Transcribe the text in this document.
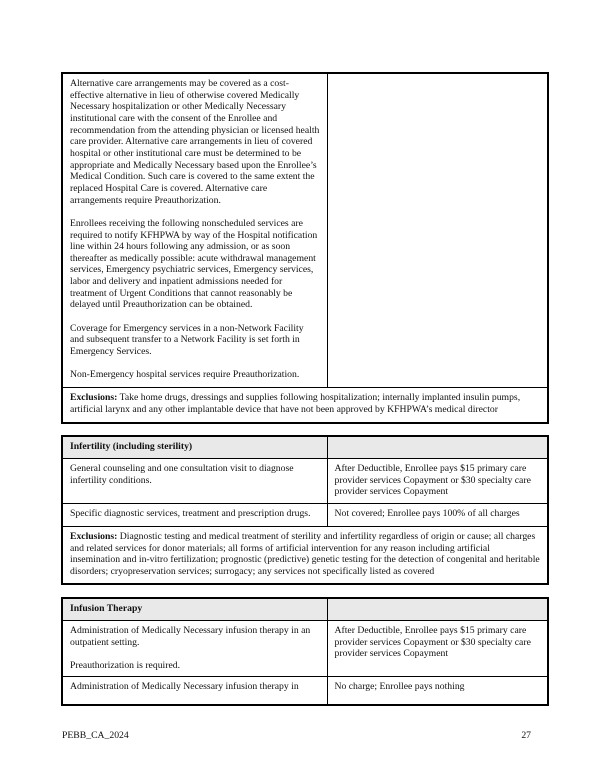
Alternative care arrangements may be covered as a cost-effective alternative in lieu of otherwise covered Medically Necessary hospitalization or other Medically Necessary institutional care with the consent of the Enrollee and recommendation from the attending physician or licensed health care provider. Alternative care arrangements in lieu of covered hospital or other institutional care must be determined to be appropriate and Medically Necessary based upon the Enrollee’s Medical Condition. Such care is covered to the same extent the replaced Hospital Care is covered. Alternative care arrangements require Preauthorization.

Enrollees receiving the following nonscheduled services are required to notify KFHPWA by way of the Hospital notification line within 24 hours following any admission, or as soon thereafter as medically possible: acute withdrawal management services, Emergency psychiatric services, Emergency services, labor and delivery and inpatient admissions needed for treatment of Urgent Conditions that cannot reasonably be delayed until Preauthorization can be obtained.

Coverage for Emergency services in a non-Network Facility and subsequent transfer to a Network Facility is set forth in Emergency Services.

Non-Emergency hospital services require Preauthorization.

Exclusions: Take home drugs, dressings and supplies following hospitalization; internally implanted insulin pumps, artificial larynx and any other implantable device that have not been approved by KFHPWA’s medical director
Infertility (including sterility)	
General counseling and one consultation visit to diagnose infertility conditions.	After Deductible, Enrollee pays $15 primary care provider services Copayment or $30 specialty care provider services Copayment
Specific diagnostic services, treatment and prescription drugs.	Not covered; Enrollee pays 100% of all charges
Exclusions: Diagnostic testing and medical treatment of sterility and infertility regardless of origin or cause; all charges and related services for donor materials; all forms of artificial intervention for any reason including artificial insemination and in-vitro fertilization; prognostic (predictive) genetic testing for the detection of congenital and heritable disorders; cryopreservation services; surrogacy; any services not specifically listed as covered	
Infusion Therapy	

Administration of Medically Necessary infusion therapy in an outpatient setting.

Preauthorization is required.	After Deductible, Enrollee pays $15 primary care provider services Copayment or $30 specialty care provider services Copayment
Administration of Medically Necessary infusion therapy in	No charge; Enrollee pays nothing
PEBB_CA_2024	27
